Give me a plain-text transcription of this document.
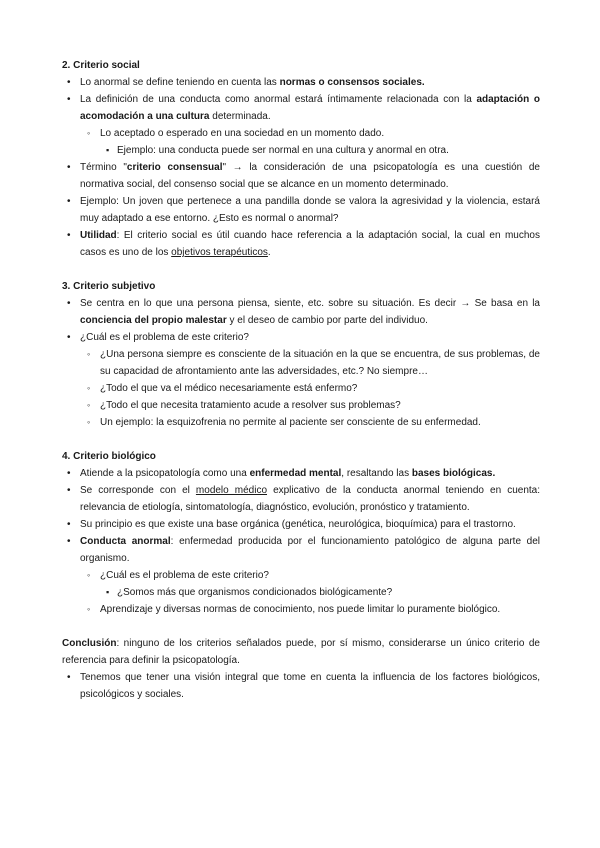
2. Criterio social
• Lo anormal se define teniendo en cuenta las normas o consensos sociales.
• La definición de una conducta como anormal estará íntimamente relacionada con la adaptación o acomodación a una cultura determinada.
◦ Lo aceptado o esperado en una sociedad en un momento dado.
▪ Ejemplo: una conducta puede ser normal en una cultura y anormal en otra.
• Término "criterio consensual" → la consideración de una psicopatología es una cuestión de normativa social, del consenso social que se alcance en un momento determinado.
• Ejemplo: Un joven que pertenece a una pandilla donde se valora la agresividad y la violencia, estará muy adaptado a ese entorno. ¿Esto es normal o anormal?
• Utilidad: El criterio social es útil cuando hace referencia a la adaptación social, la cual en muchos casos es uno de los objetivos terapéuticos.
3. Criterio subjetivo
• Se centra en lo que una persona piensa, siente, etc. sobre su situación. Es decir → Se basa en la conciencia del propio malestar y el deseo de cambio por parte del individuo.
• ¿Cuál es el problema de este criterio?
◦ ¿Una persona siempre es consciente de la situación en la que se encuentra, de sus problemas, de su capacidad de afrontamiento ante las adversidades, etc.? No siempre…
◦ ¿Todo el que va el médico necesariamente está enfermo?
◦ ¿Todo el que necesita tratamiento acude a resolver sus problemas?
◦ Un ejemplo: la esquizofrenia no permite al paciente ser consciente de su enfermedad.
4. Criterio biológico
• Atiende a la psicopatología como una enfermedad mental, resaltando las bases biológicas.
• Se corresponde con el modelo médico explicativo de la conducta anormal teniendo en cuenta: relevancia de etiología, sintomatología, diagnóstico, evolución, pronóstico y tratamiento.
• Su principio es que existe una base orgánica (genética, neurológica, bioquímica) para el trastorno.
• Conducta anormal: enfermedad producida por el funcionamiento patológico de alguna parte del organismo.
◦ ¿Cuál es el problema de este criterio?
▪ ¿Somos más que organismos condicionados biológicamente?
◦ Aprendizaje y diversas normas de conocimiento, nos puede limitar lo puramente biológico.
Conclusión: ninguno de los criterios señalados puede, por sí mismo, considerarse un único criterio de referencia para definir la psicopatología.
• Tenemos que tener una visión integral que tome en cuenta la influencia de los factores biológicos, psicológicos y sociales.
